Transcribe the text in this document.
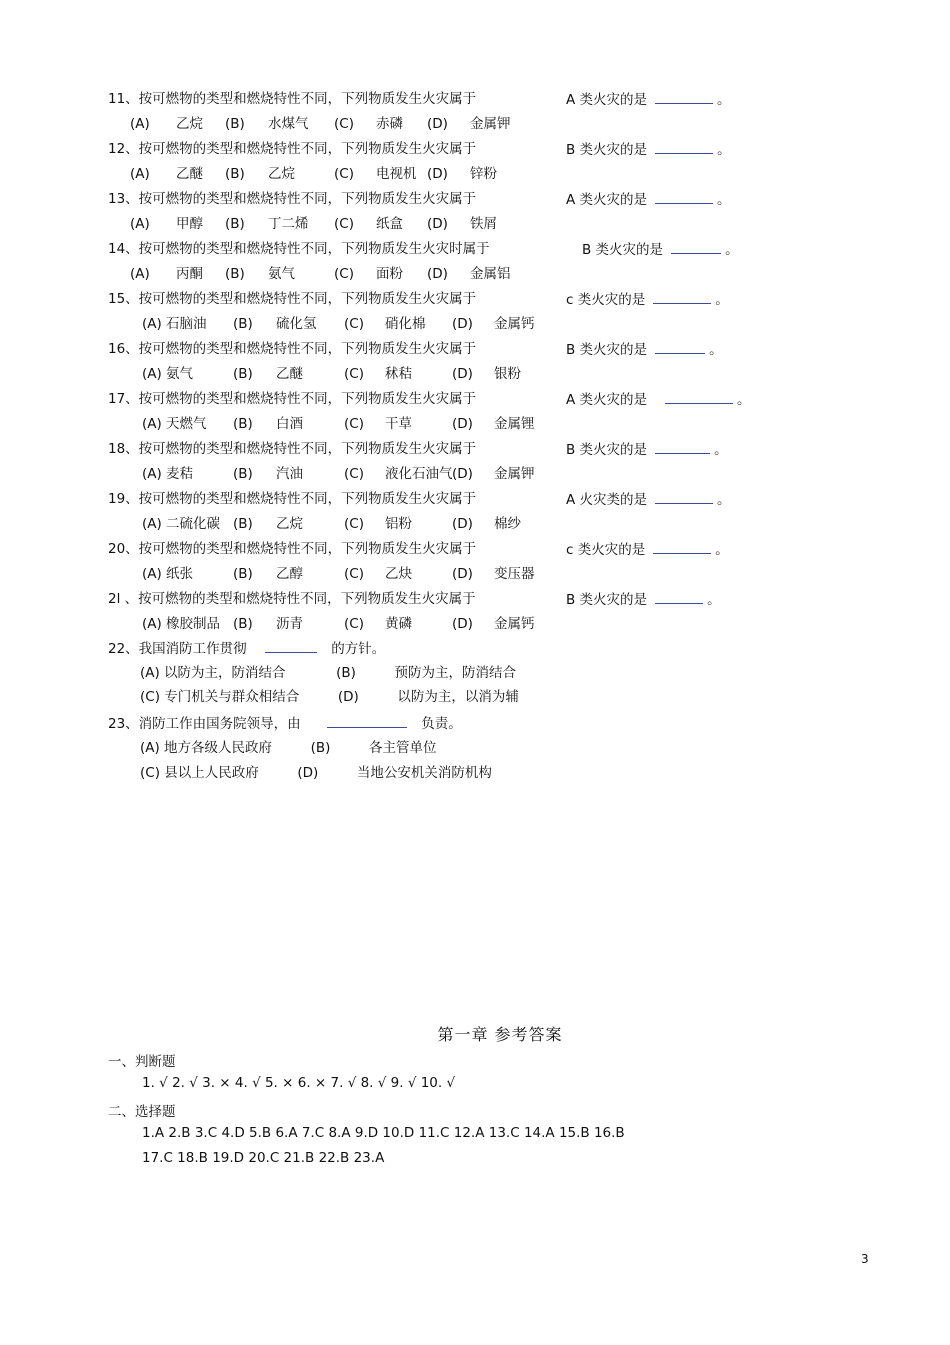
11、按可燃物的类型和燃烧特性不同，下列物质发生火灾属于	A 类火灾的是	。
(A) 乙烷 (B) 水煤气 (C) 赤磷 (D) 金属钾
12、按可燃物的类型和燃烧特性不同，下列物质发生火灾属于	B 类火灾的是	。
(A) 乙醚 (B) 乙烷	(C) 电视机 (D) 锌粉
13、按可燃物的类型和燃烧特性不同，下列物质发生火灾属于	A 类火灾的是	。
(A) 甲醇 (B) 丁二烯 (C) 纸盒 (D) 铁屑
14、按可燃物的类型和燃烧特性不同，下列物质发生火灾时属于	B 类火灾的是	。
(A) 丙酮 (B) 氨气	(C) 面粉 (D) 金属铝
15、按可燃物的类型和燃烧特性不同，下列物质发生火灾属于	c 类火灾的是	。
(A) 石脑油 (B) 硫化氢 (C) 硝化棉 (D) 金属钙
16、按可燃物的类型和燃烧特性不同，下列物质发生火灾属于	B 类火灾的是	。
(A) 氨气	(B) 乙醚	(C) 秫秸	(D) 银粉
17、按可燃物的类型和燃烧特性不同，下列物质发生火灾属于	A 类火灾的是	。
(A) 天燃气 (B) 白酒	(C) 干草	(D) 金属锂
18、按可燃物的类型和燃烧特性不同，下列物质发生火灾属于	B 类火灾的是	。
(A) 麦秸	(B) 汽油	(C) 液化石油气 (D) 金属钾
19、按可燃物的类型和燃烧特性不同，下列物质发生火灾属于	A 火灾类的是	。
(A) 二硫化碳 (B) 乙烷	(C) 铝粉	(D) 棉纱
20、按可燃物的类型和燃烧特性不同，下列物质发生火灾属于	c 类火灾的是	。
(A) 纸张	(B) 乙醇	(C) 乙炔	(D) 变压器
2l 、按可燃物的类型和燃烧特性不同，下列物质发生火灾属于	B 类火灾的是	。
(A) 橡胶制品 (B) 沥青	(C) 黄磷	(D) 金属钙
22、我国消防工作贯彻	的方针。
(A) 以防为主，防消结合	(B)	预防为主，防消结合
(C) 专门机关与群众相结合	(D)	以防为主，以消为辅
23、消防工作由国务院领导，由	负责。
(A) 地方各级人民政府	(B)	各主管单位
(C) 县以上人民政府	(D)	当地公安机关消防机构
第一章 参考答案
一、判断题
1. √ 2. √ 3. × 4. √ 5. × 6. × 7. √ 8. √ 9. √ 10. √
二、选择题
1.A 2.B 3.C 4.D 5.B 6.A 7.C 8.A 9.D 10.D 11.C 12.A 13.C 14.A 15.B 16.B
17.C 18.B 19.D 20.C 21.B 22.B 23.A
3
